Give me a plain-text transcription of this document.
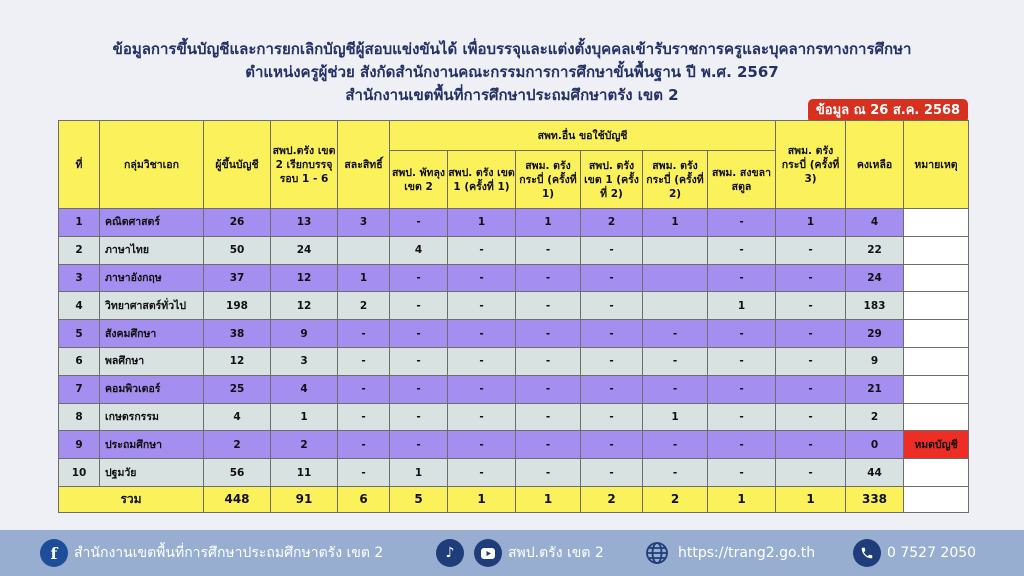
ข้อมูลการขึ้นบัญชีและการยกเลิกบัญชีผู้สอบแข่งขันได้ เพื่อบรรจุและแต่งตั้งบุคคลเข้ารับราชการครูและบุคลากรทางการศึกษา
ตำแหน่งครูผู้ช่วย สังกัดสำนักงานคณะกรรมการการศึกษาขั้นพื้นฐาน ปี พ.ศ. 2567
สำนักงานเขตพื้นที่การศึกษาประถมศึกษาตรัง เขต 2
ข้อมูล ณ 26 ส.ค. 2568
ที่	กลุ่มวิชาเอก	ผู้ขึ้นบัญชี	สพป.ตรัง เขต 2 เรียกบรรจุ รอบ 1 - 6	สละสิทธิ์	สพท.อื่น ขอใช้บัญชี						สพม. ตรัง กระบี่ (ครั้งที่ 3)	คงเหลือ	หมายเหตุ
					สพป. พัทลุง เขต 2	สพป. ตรัง เขต 1 (ครั้งที่ 1)	สพม. ตรัง กระบี่ (ครั้งที่ 1)	สพป. ตรัง เขต 1 (ครั้งที่ 2)	สพม. ตรัง กระบี่ (ครั้งที่ 2)	สพม. สงขลา สตูล			
1	คณิตศาสตร์	26	13	3	-	1	1	2	1	-	1	4	
2	ภาษาไทย	50	24		4	-	-	-		-	-	22	
3	ภาษาอังกฤษ	37	12	1	-	-	-	-		-	-	24	
4	วิทยาศาสตร์ทั่วไป	198	12	2	-	-	-	-		1	-	183	
5	สังคมศึกษา	38	9	-	-	-	-	-	-	-	-	29	
6	พลศึกษา	12	3	-	-	-	-	-	-	-	-	9	
7	คอมพิวเตอร์	25	4	-	-	-	-	-	-	-	-	21	
8	เกษตรกรรม	4	1	-	-	-	-	-	1	-	-	2	
9	ประถมศึกษา	2	2	-	-	-	-	-	-	-	-	0	หมดบัญชี
10	ปฐมวัย	56	11	-	1	-	-	-	-	-	-	44	
รวม		448	91	6	5	1	1	2	2	1	1	338	
f	สำนักงานเขตพื้นที่การศึกษาประถมศึกษาตรัง เขต 2	♪	สพป.ตรัง เขต 2	https://trang2.go.th	0 7527 2050
